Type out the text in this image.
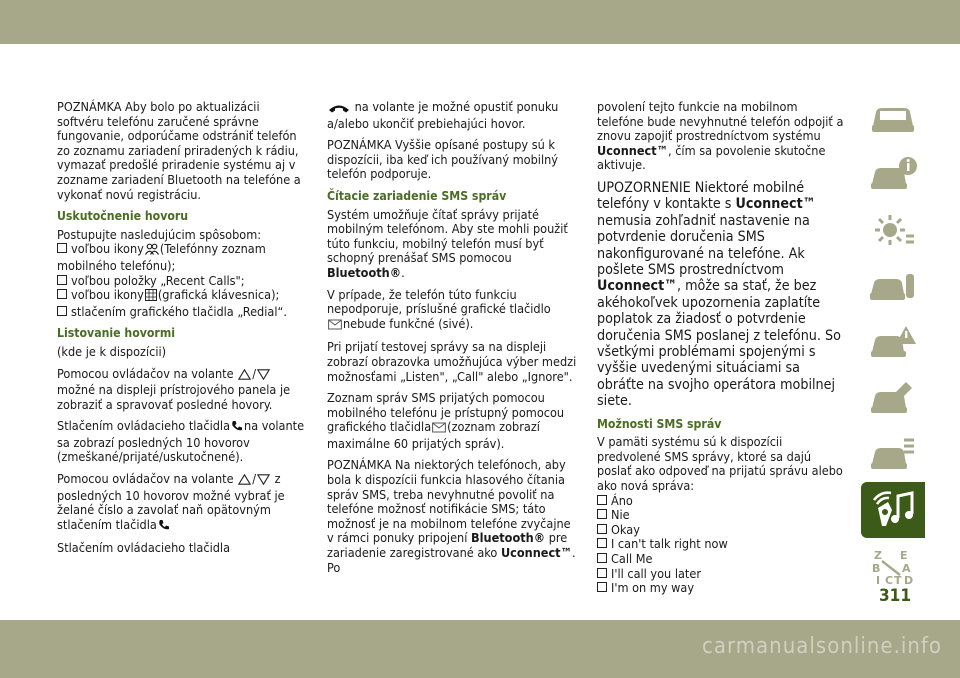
POZNÁMKA Aby bolo po aktualizácii softvéru telefónu zaručené správne fungovanie, odporúčame odstrániť telefón zo zoznamu zariadení priradených k rádiu, vymazať predošlé priradenie systému aj v zozname zariadení Bluetooth na telefóne a vykonať novú registráciu.

Uskutočnenie hovoru
Postupujte nasledujúcim spôsobom:
voľbou ikony (Telefónny zoznam
mobilného telefónu);
voľbou položky „Recent Calls";
voľbou ikony (grafická klávesnica);
stlačením grafického tlačidla „Redial“.
Listovanie hovormi

(kde je k dispozícii)

Pomocou ovládačov na volante / možné na displeji prístrojového panela je zobraziť a spravovať posledné hovory.

Stlačením ovládacieho tlačidla na volante sa zobrazí posledných 10 hovorov (zmeškané/prijaté/uskutočnené).

Pomocou ovládačov na volante / z posledných 10 hovorov možné vybrať je želané číslo a zavolať naň opätovným stlačením tlačidla

Stlačením ovládacieho tlačidla

na volante je možné opustiť ponuku a/alebo ukončiť prebiehajúci hovor.

POZNÁMKA Vyššie opísané postupy sú k dispozícii, iba keď ich používaný mobilný telefón podporuje.

Čítacie zariadenie SMS správ

Systém umožňuje čítať správy prijaté mobilným telefónom. Aby ste mohli použiť túto funkciu, mobilný telefón musí byť schopný prenášať SMS pomocou Bluetooth®.

V prípade, že telefón túto funkciu nepodporuje, príslušné grafické tlačidlo
nebude funkčné (sivé).

Pri prijatí testovej správy sa na displeji zobrazí obrazovka umožňujúca výber medzi možnosťami „Listen", „Call" alebo „Ignore".

Zoznam správ SMS prijatých pomocou mobilného telefónu je prístupný pomocou grafického tlačidla (zoznam zobrazí maximálne 60 prijatých správ).

POZNÁMKA Na niektorých telefónoch, aby bola k dispozícii funkcia hlasového čítania správ SMS, treba nevyhnutné povoliť na telefóne možnosť notifikácie SMS; táto možnosť je na mobilnom telefóne zvyčajne v rámci ponuky pripojení Bluetooth® pre zariadenie zaregistrované ako Uconnect™. Po

povolení tejto funkcie na mobilnom telefóne bude nevyhnutné telefón odpojiť a znovu zapojiť prostredníctvom systému Uconnect™, čím sa povolenie skutočne aktivuje.

UPOZORNENIE Niektoré mobilné telefóny v kontakte s Uconnect™ nemusia zohľadniť nastavenie na potvrdenie doručenia SMS nakonfigurované na telefóne. Ak pošlete SMS prostredníctvom Uconnect™, môže sa stať, že bez akéhokoľvek upozornenia zaplatíte poplatok za žiadosť o potvrdenie doručenia SMS poslanej z telefónu. So všetkými problémami spojenými s vyššie uvedenými situáciami sa obráťte na svojho operátora mobilnej siete.

Možnosti SMS správ
V pamäti systému sú k dispozícii predvolené SMS správy, ktoré sa dajú poslať ako odpoveď na prijatú správu alebo ako nová správa:
Áno
Nie
Okay
I can't talk right now
Call Me
I'll call you later
I'm on my way
Z E
B A
I C T D
311
carmanualsonline.info
